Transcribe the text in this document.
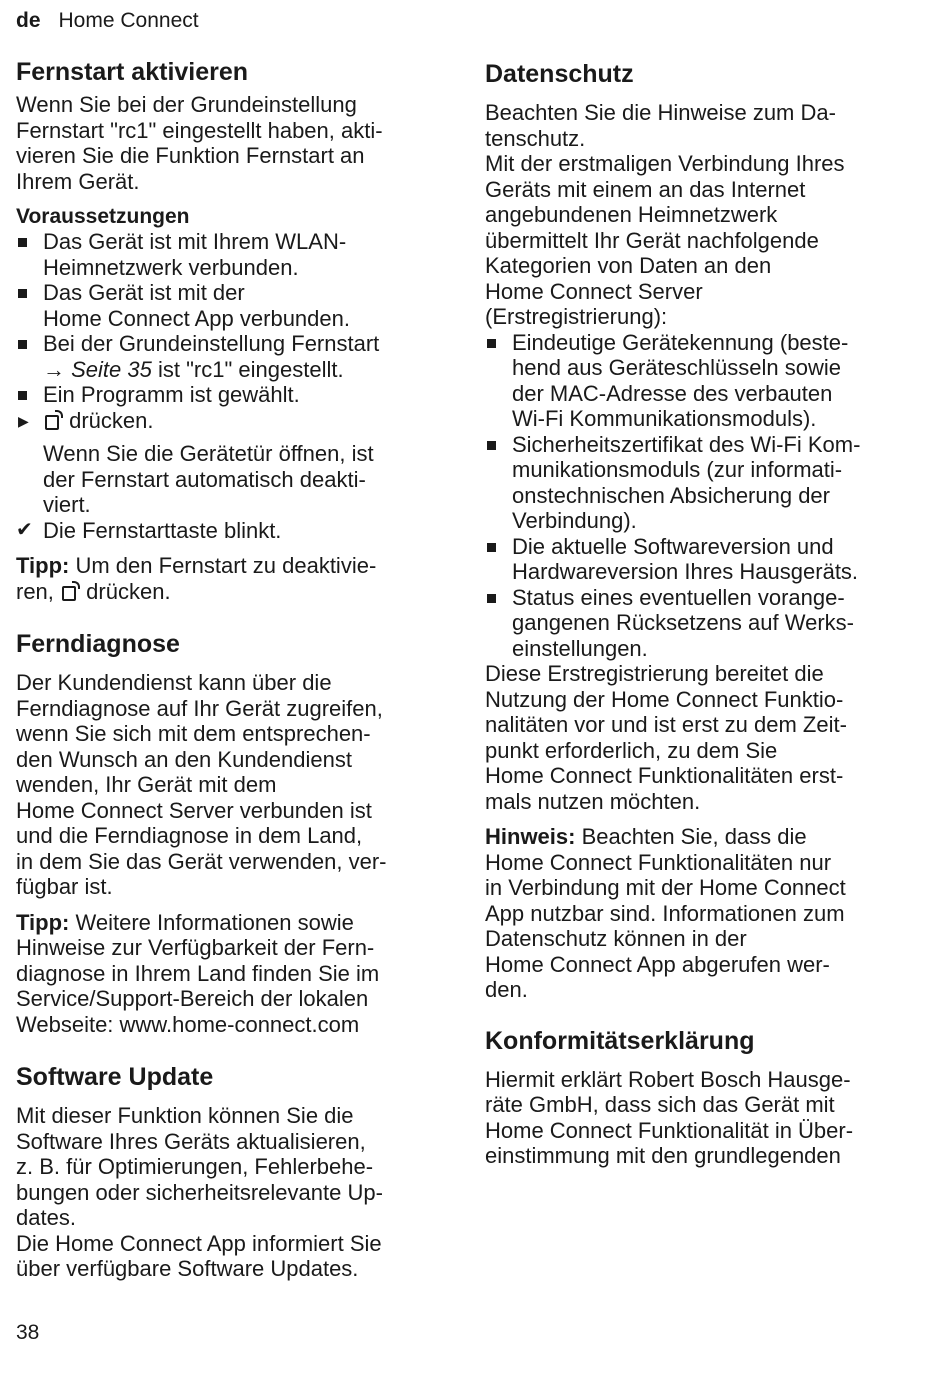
de Home Connect
Fernstart aktivieren
Wenn Sie bei der Grundeinstellung
Fernstart "rc1" eingestellt haben, akti-
vieren Sie die Funktion Fernstart an
Ihrem Gerät.
Voraussetzungen
Das Gerät ist mit Ihrem WLAN-
Heimnetzwerk verbunden.
Das Gerät ist mit der
Home Connect App verbunden.
Bei der Grundeinstellung Fernstart
→ Seite 35 ist "rc1" eingestellt.
Ein Programm ist gewählt.
▶	drücken.
Wenn Sie die Gerätetür öffnen, ist
der Fernstart automatisch deakti-
viert.
✔ Die Fernstarttaste blinkt.
Tipp: Um den Fernstart zu deaktivie-
ren, drücken.
Ferndiagnose
Der Kundendienst kann über die
Ferndiagnose auf Ihr Gerät zugreifen,
wenn Sie sich mit dem entsprechen-
den Wunsch an den Kundendienst
wenden, Ihr Gerät mit dem
Home Connect Server verbunden ist
und die Ferndiagnose in dem Land,
in dem Sie das Gerät verwenden, ver-
fügbar ist.
Tipp: Weitere Informationen sowie
Hinweise zur Verfügbarkeit der Fern-
diagnose in Ihrem Land finden Sie im
Service/Support-Bereich der lokalen
Webseite: www.home-connect.com
Software Update
Mit dieser Funktion können Sie die
Software Ihres Geräts aktualisieren,
z. B. für Optimierungen, Fehlerbehe-
bungen oder sicherheitsrelevante Up-
dates.
Die Home Connect App informiert Sie
über verfügbare Software Updates.
Datenschutz
Beachten Sie die Hinweise zum Da-
tenschutz.
Mit der erstmaligen Verbindung Ihres
Geräts mit einem an das Internet
angebundenen Heimnetzwerk
übermittelt Ihr Gerät nachfolgende
Kategorien von Daten an den
Home Connect Server
(Erstregistrierung):
Eindeutige Gerätekennung (beste-
hend aus Geräteschlüsseln sowie
der MAC-Adresse des verbauten
Wi-Fi Kommunikationsmoduls).
Sicherheitszertifikat des Wi-Fi Kom-
munikationsmoduls (zur informati-
onstechnischen Absicherung der
Verbindung).
Die aktuelle Softwareversion und
Hardwareversion Ihres Hausgeräts.
Status eines eventuellen vorange-
gangenen Rücksetzens auf Werks-
einstellungen.
Diese Erstregistrierung bereitet die
Nutzung der Home Connect Funktio-
nalitäten vor und ist erst zu dem Zeit-
punkt erforderlich, zu dem Sie
Home Connect Funktionalitäten erst-
mals nutzen möchten.
Hinweis: Beachten Sie, dass die
Home Connect Funktionalitäten nur
in Verbindung mit der Home Connect
App nutzbar sind. Informationen zum
Datenschutz können in der
Home Connect App abgerufen wer-
den.
Konformitätserklärung
Hiermit erklärt Robert Bosch Hausge-
räte GmbH, dass sich das Gerät mit
Home Connect Funktionalität in Über-
einstimmung mit den grundlegenden
38
